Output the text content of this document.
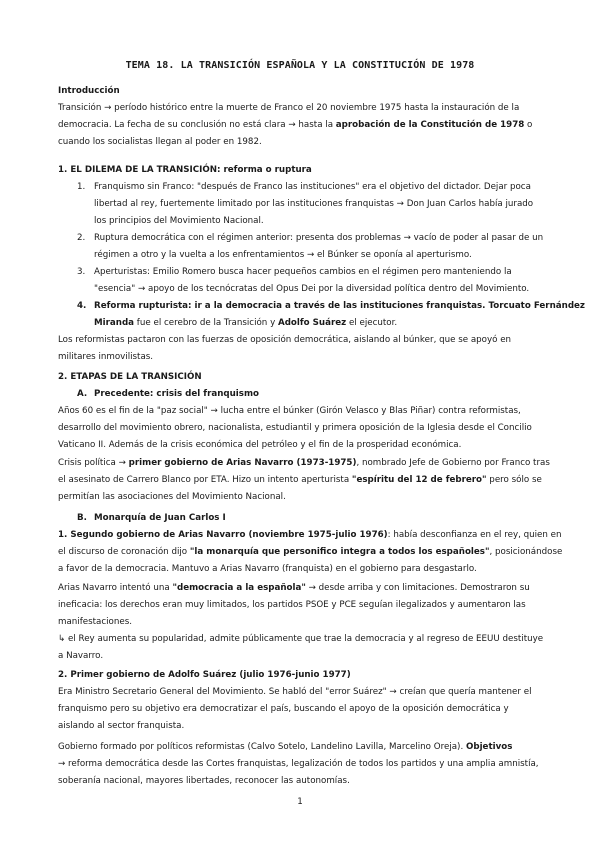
TEMA 18. LA TRANSICIÓN ESPAÑOLA Y LA CONSTITUCIÓN DE 1978
Introducción
Transición → período histórico entre la muerte de Franco el 20 noviembre 1975 hasta la instauración de la
democracia. La fecha de su conclusión no está clara → hasta la aprobación de la Constitución de 1978 o
cuando los socialistas llegan al poder en 1982.
1. EL DILEMA DE LA TRANSICIÓN: reforma o ruptura
1. Franquismo sin Franco: "después de Franco las instituciones" era el objetivo del dictador. Dejar poca
libertad al rey, fuertemente limitado por las instituciones franquistas → Don Juan Carlos había jurado
los principios del Movimiento Nacional.
2. Ruptura democrática con el régimen anterior: presenta dos problemas → vacío de poder al pasar de un
régimen a otro y la vuelta a los enfrentamientos → el Búnker se oponía al aperturismo.
3. Aperturistas: Emilio Romero busca hacer pequeños cambios en el régimen pero manteniendo la
"esencia" → apoyo de los tecnócratas del Opus Dei por la diversidad política dentro del Movimiento.
4. Reforma rupturista: ir a la democracia a través de las instituciones franquistas. Torcuato Fernández
Miranda fue el cerebro de la Transición y Adolfo Suárez el ejecutor.
Los reformistas pactaron con las fuerzas de oposición democrática, aislando al búnker, que se apoyó en
militares inmovilistas.
2. ETAPAS DE LA TRANSICIÓN
A. Precedente: crisis del franquismo
Años 60 es el fin de la "paz social" → lucha entre el búnker (Girón Velasco y Blas Piñar) contra reformistas,
desarrollo del movimiento obrero, nacionalista, estudiantil y primera oposición de la Iglesia desde el Concilio
Vaticano II. Además de la crisis económica del petróleo y el fin de la prosperidad económica.
Crisis política → primer gobierno de Arias Navarro (1973-1975), nombrado Jefe de Gobierno por Franco tras
el asesinato de Carrero Blanco por ETA. Hizo un intento aperturista "espíritu del 12 de febrero" pero sólo se
permitían las asociaciones del Movimiento Nacional.
B. Monarquía de Juan Carlos I
1. Segundo gobierno de Arias Navarro (noviembre 1975-julio 1976): había desconfianza en el rey, quien en
el discurso de coronación dijo "la monarquía que personifico integra a todos los españoles", posicionándose
a favor de la democracia. Mantuvo a Arias Navarro (franquista) en el gobierno para desgastarlo.
Arias Navarro intentó una "democracia a la española" → desde arriba y con limitaciones. Demostraron su
ineficacia: los derechos eran muy limitados, los partidos PSOE y PCE seguían ilegalizados y aumentaron las
manifestaciones.
↳ el Rey aumenta su popularidad, admite públicamente que trae la democracia y al regreso de EEUU destituye
a Navarro.
2. Primer gobierno de Adolfo Suárez (julio 1976-junio 1977)
Era Ministro Secretario General del Movimiento. Se habló del "error Suárez" → creían que quería mantener el
franquismo pero su objetivo era democratizar el país, buscando el apoyo de la oposición democrática y
aislando al sector franquista.
Gobierno formado por políticos reformistas (Calvo Sotelo, Landelino Lavilla, Marcelino Oreja). Objetivos
→ reforma democrática desde las Cortes franquistas, legalización de todos los partidos y una amplia amnistía,
soberanía nacional, mayores libertades, reconocer las autonomías.
1
